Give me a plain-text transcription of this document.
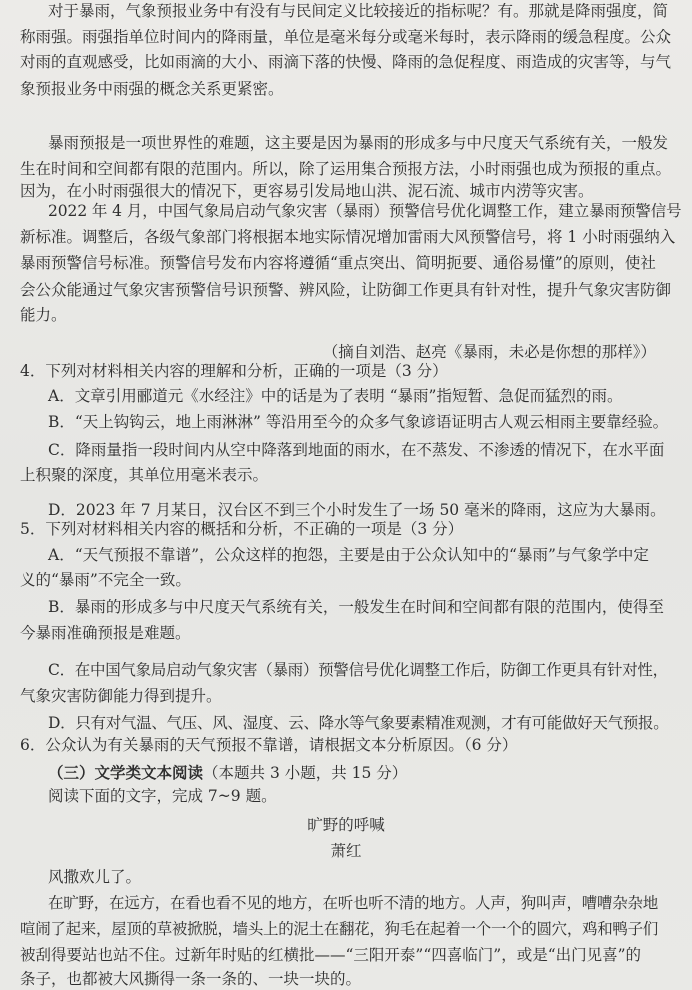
对于暴雨，气象预报业务中有没有与民间定义比较接近的指标呢？有。那就是降雨强度，简
称雨强。雨强指单位时间内的降雨量，单位是毫米每分或毫米每时，表示降雨的缓急程度。公众
对雨的直观感受，比如雨滴的大小、雨滴下落的快慢、降雨的急促程度、雨造成的灾害等，与气
象预报业务中雨强的概念关系更紧密。
暴雨预报是一项世界性的难题，这主要是因为暴雨的形成多与中尺度天气系统有关，一般发
生在时间和空间都有限的范围内。所以，除了运用集合预报方法，小时雨强也成为预报的重点。
因为，在小时雨强很大的情况下，更容易引发局地山洪、泥石流、城市内涝等灾害。
2022 年 4 月，中国气象局启动气象灾害（暴雨）预警信号优化调整工作，建立暴雨预警信号
新标准。调整后，各级气象部门将根据本地实际情况增加雷雨大风预警信号，将 1 小时雨强纳入
暴雨预警信号标准。预警信号发布内容将遵循“重点突出、简明扼要、通俗易懂”的原则，使社
会公众能通过气象灾害预警信号识预警、辨风险，让防御工作更具有针对性，提升气象灾害防御
能力。
（摘自刘浩、赵亮《暴雨，未必是你想的那样》）
4．下列对材料相关内容的理解和分析，正确的一项是（3 分）
A．文章引用郦道元《水经注》中的话是为了表明 “暴雨”指短暂、急促而猛烈的雨。
B．“天上钩钩云，地上雨淋淋” 等沿用至今的众多气象谚语证明古人观云相雨主要靠经验。
C．降雨量指一段时间内从空中降落到地面的雨水，在不蒸发、不渗透的情况下，在水平面
上积聚的深度，其单位用毫米表示。
D．2023 年 7 月某日，汉台区不到三个小时发生了一场 50 毫米的降雨，这应为大暴雨。
5．下列对材料相关内容的概括和分析，不正确的一项是（3 分）
A．“天气预报不靠谱”，公众这样的抱怨，主要是由于公众认知中的“暴雨”与气象学中定
义的“暴雨”不完全一致。
B．暴雨的形成多与中尺度天气系统有关，一般发生在时间和空间都有限的范围内，使得至
今暴雨准确预报是难题。
C．在中国气象局启动气象灾害（暴雨）预警信号优化调整工作后，防御工作更具有针对性，
气象灾害防御能力得到提升。
D．只有对气温、气压、风、湿度、云、降水等气象要素精准观测，才有可能做好天气预报。
6．公众认为有关暴雨的天气预报不靠谱，请根据文本分析原因。（6 分）
（三）文学类文本阅读（本题共 3 小题，共 15 分）
阅读下面的文字，完成 7~9 题。
旷野的呼喊
萧红
风撒欢儿了。
在旷野，在远方，在看也看不见的地方，在听也听不清的地方。人声，狗叫声，嘈嘈杂杂地
喧闹了起来，屋顶的草被掀脱，墙头上的泥土在翻花，狗毛在起着一个一个的圆穴，鸡和鸭子们
被刮得要站也站不住。过新年时贴的红横批——“三阳开泰”“四喜临门”，或是“出门见喜”的
条子，也都被大风撕得一条一条的、一块一块的。
